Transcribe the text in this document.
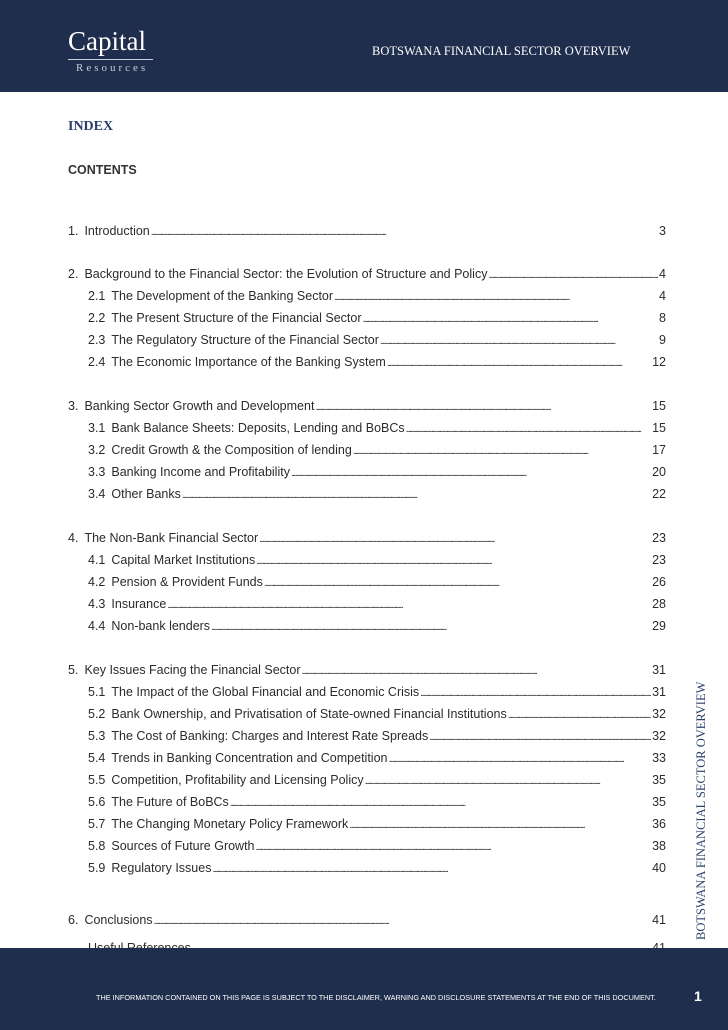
Capital
Resources
BOTSWANA FINANCIAL SECTOR OVERVIEW
INDEX
CONTENTS
1. Introduction . . .	3
2. Background to the Financial Sector: the Evolution of Structure and Policy . . .	4
2.1 The Development of the Banking Sector . . .	4
2.2 The Present Structure of the Financial Sector . . .	8
2.3 The Regulatory Structure of the Financial Sector . . .	9
2.4 The Economic Importance of the Banking System . . .	12
3. Banking Sector Growth and Development . . .	15
3.1 Bank Balance Sheets: Deposits, Lending and BoBCs . . .	15
3.2 Credit Growth & the Composition of lending . . .	17
3.3 Banking Income and Profitability . . .	20
3.4 Other Banks . . .	22
4. The Non-Bank Financial Sector . . .	23
4.1 Capital Market Institutions . . .	23
4.2 Pension & Provident Funds . . .	26
4.3 Insurance . . .	28
4.4 Non-bank lenders . . .	29
5. Key Issues Facing the Financial Sector . . .	31
5.1 The Impact of the Global Financial and Economic Crisis . . .	31
5.2 Bank Ownership, and Privatisation of State-owned Financial Institutions . . .	32
5.3 The Cost of Banking: Charges and Interest Rate Spreads . . .	32
5.4 Trends in Banking Concentration and Competition . . .	33
5.5 Competition, Profitability and Licensing Policy . . .	35
5.6 The Future of BoBCs . . .	35
5.7 The Changing Monetary Policy Framework . . .	36
5.8 Sources of Future Growth . . .	38
5.9 Regulatory Issues . . .	40
6. Conclusions . . .	41
. . . BOTSWANA FINANCIAL SECTOR OVERVIEW
THE INFORMATION CONTAINED ON THIS PAGE IS SUBJECT TO THE DISCLAIMER, WARNING AND DISCLOSURE STATEMENTS AT THE END OF THIS DOCUMENT.	1
